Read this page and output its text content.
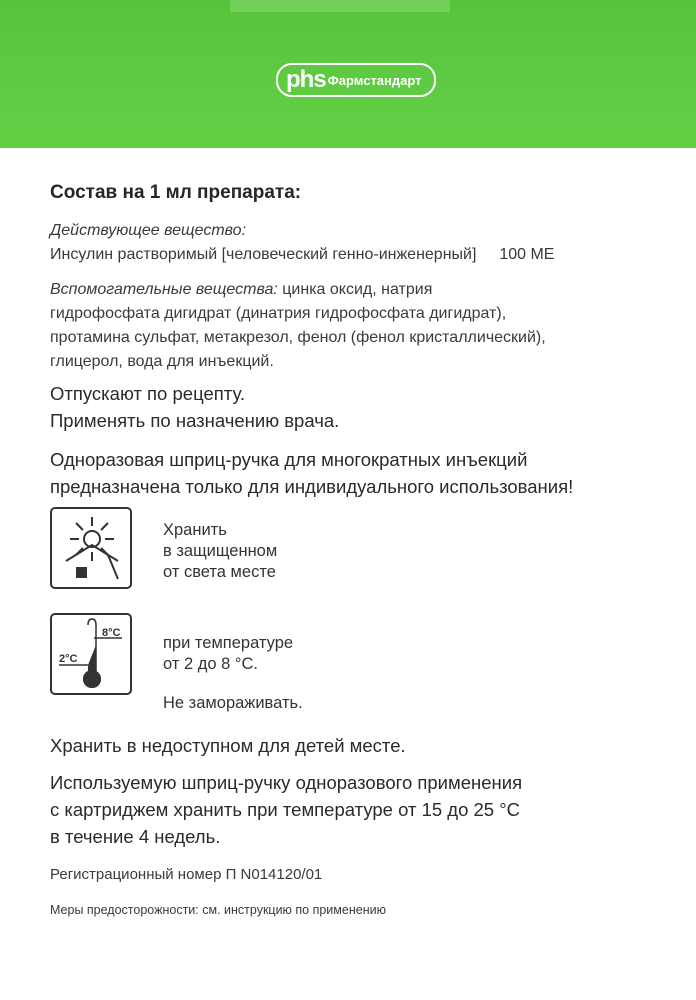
phs Фармстандарт
Состав на 1 мл препарата:
Действующее вещество:
Инсулин растворимый [человеческий генно-инженерный] 100 МЕ
Вспомогательные вещества: цинка оксид, натрия
гидрофосфата дигидрат (динатрия гидрофосфата дигидрат),
протамина сульфат, метакрезол, фенол (фенол кристаллический),
глицерол, вода для инъекций.
Отпускают по рецепту.
Применять по назначению врача.
Одноразовая шприц-ручка для многократных инъекций
предназначена только для индивидуального использования!
Хранить
в защищенном
от света месте
8°C
2°C
при температуре
от 2 до 8 °С.
Не замораживать.
Хранить в недоступном для детей месте.
Используемую шприц-ручку одноразового применения
с картриджем хранить при температуре от 15 до 25 °С
в течение 4 недель.
Регистрационный номер П N014120/01
Меры предосторожности: см. инструкцию по применению
